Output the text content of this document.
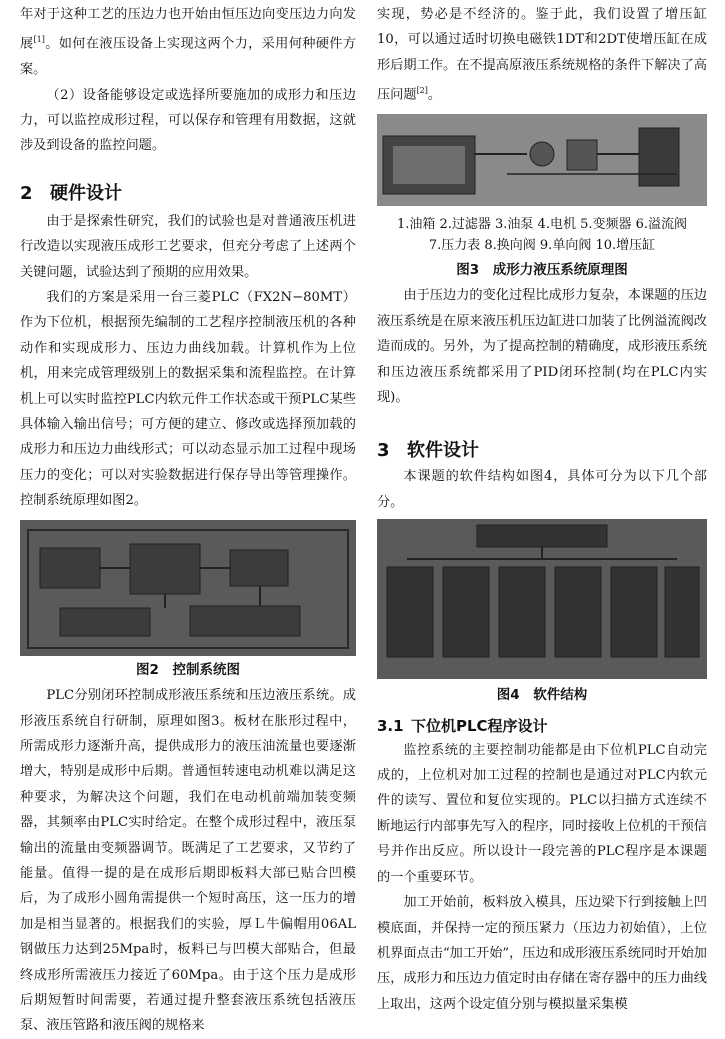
年对于这种工艺的压边力也开始由恒压边向变压边力向发展[1]。如何在液压设备上实现这两个力，采用何种硬件方案。

（2）设备能够设定或选择所要施加的成形力和压边力，可以监控成形过程，可以保存和管理有用数据，这就涉及到设备的监控问题。

2 硬件设计

由于是探索性研究，我们的试验也是对普通液压机进行改造以实现液压成形工艺要求，但充分考虑了上述两个关键问题，试验达到了预期的应用效果。

我们的方案是采用一台三菱PLC（FX2N−80MT）作为下位机，根据预先编制的工艺程序控制液压机的各种动作和实现成形力、压边力曲线加载。计算机作为上位机，用来完成管理级别上的数据采集和流程监控。在计算机上可以实时监控PLC内软元件工作状态或干预PLC某些具体输入输出信号；可方便的建立、修改或选择预加载的成形力和压边力曲线形式；可以动态显示加工过程中现场压力的变化；可以对实验数据进行保存导出等管理操作。控制系统原理如图2。

图2　控制系统图

PLC分别闭环控制成形液压系统和压边液压系统。成形液压系统自行研制，原理如图3。板材在胀形过程中，所需成形力逐渐升高，提供成形力的液压油流量也要逐渐增大，特别是成形中后期。普通恒转速电动机难以满足这种要求，为解决这个问题，我们在电动机前端加装变频器，其频率由PLC实时给定。在整个成形过程中，液压泵输出的流量由变频器调节。既满足了工艺要求，又节约了能量。值得一提的是在成形后期即板料大部已贴合凹模后，为了成形小圆角需提供一个短时高压，这一压力的增加是相当显著的。根据我们的实验，厚Ｌ牛偏帽用06AL钢做压力达到25Mpa时，板料已与凹模大部贴合，但最终成形所需液压力接近了60Mpa。由于这个压力是成形后期短暂时间需要，若通过提升整套液压系统包括液压泵、液压管路和液压阀的规格来

实现，势必是不经济的。鉴于此，我们设置了增压缸10，可以通过适时切换电磁铁1DT和2DT使增压缸在成形后期工作。在不提高原液压系统规格的条件下解决了高压问题[2]。

1.油箱 2.过滤器 3.油泵 4.电机 5.变频器 6.溢流阀

7.压力表 8.换向阀 9.单向阀 10.增压缸

图3　成形力液压系统原理图

由于压边力的变化过程比成形力复杂，本课题的压边液压系统是在原来液压机压边缸进口加装了比例溢流阀改造而成的。另外，为了提高控制的精确度，成形液压系统和压边液压系统都采用了PID闭环控制(均在PLC内实现)。

3 软件设计

本课题的软件结构如图4，具体可分为以下几个部分。

图4　软件结构

3.1 下位机PLC程序设计

监控系统的主要控制功能都是由下位机PLC自动完成的，上位机对加工过程的控制也是通过对PLC内软元件的读写、置位和复位实现的。PLC以扫描方式连续不断地运行内部事先写入的程序，同时接收上位机的干预信号并作出反应。所以设计一段完善的PLC程序是本课题的一个重要环节。

加工开始前，板料放入模具，压边梁下行到接触上凹模底面，并保持一定的预压紧力（压边力初始值），上位机界面点击“加工开始”，压边和成形液压系统同时开始加压，成形力和压边力值定时由存储在寄存器中的压力曲线上取出，这两个设定值分别与模拟量采集模
